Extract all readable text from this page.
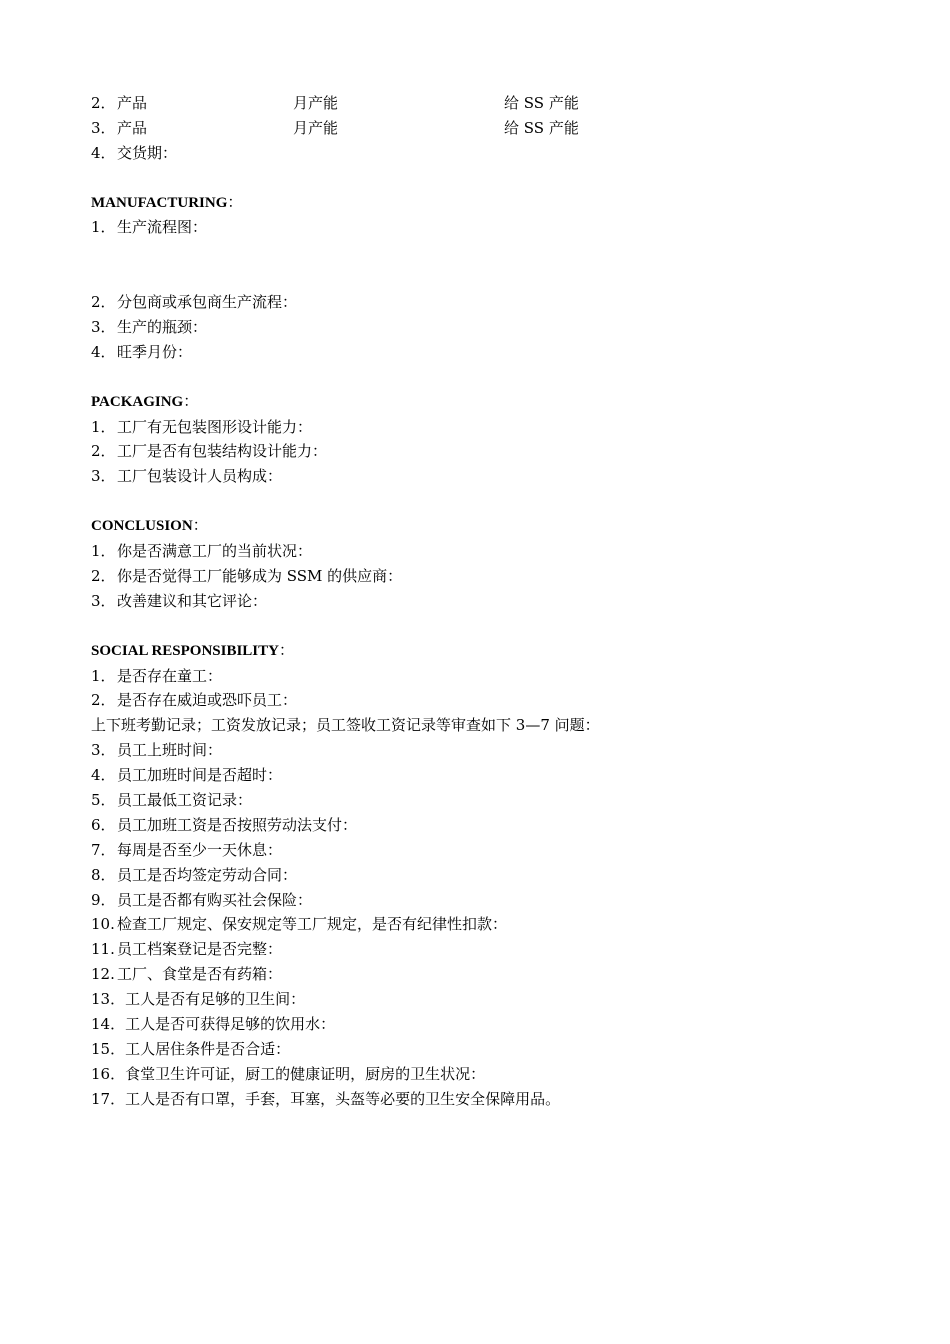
2．产品	月产能	给 SS 产能
3．产品	月产能	给 SS 产能
4．交货期：
MANUFACTURING：
1．生产流程图：
2．分包商或承包商生产流程：
3．生产的瓶颈：
4．旺季月份：
PACKAGING：
1．工厂有无包装图形设计能力：
2．工厂是否有包装结构设计能力：
3．工厂包装设计人员构成：
CONCLUSION：
1．你是否满意工厂的当前状况：
2．你是否觉得工厂能够成为 SSM 的供应商：
3．改善建议和其它评论：
SOCIAL RESPONSIBILITY：
1．是否存在童工：
2．是否存在威迫或恐吓员工：
上下班考勤记录；工资发放记录；员工签收工资记录等审查如下 3—7 问题：
3．员工上班时间：
4．员工加班时间是否超时：
5．员工最低工资记录：
6．员工加班工资是否按照劳动法支付：
7．每周是否至少一天休息：
8．员工是否均签定劳动合同：
9．员工是否都有购买社会保险：
10. 检查工厂规定、保安规定等工厂规定，是否有纪律性扣款：
11. 员工档案登记是否完整：
12. 工厂、食堂是否有药箱：
13．工人是否有足够的卫生间：
14．工人是否可获得足够的饮用水：
15．工人居住条件是否合适：
16．食堂卫生许可证，厨工的健康证明，厨房的卫生状况：
17．工人是否有口罩，手套，耳塞，头盔等必要的卫生安全保障用品。
